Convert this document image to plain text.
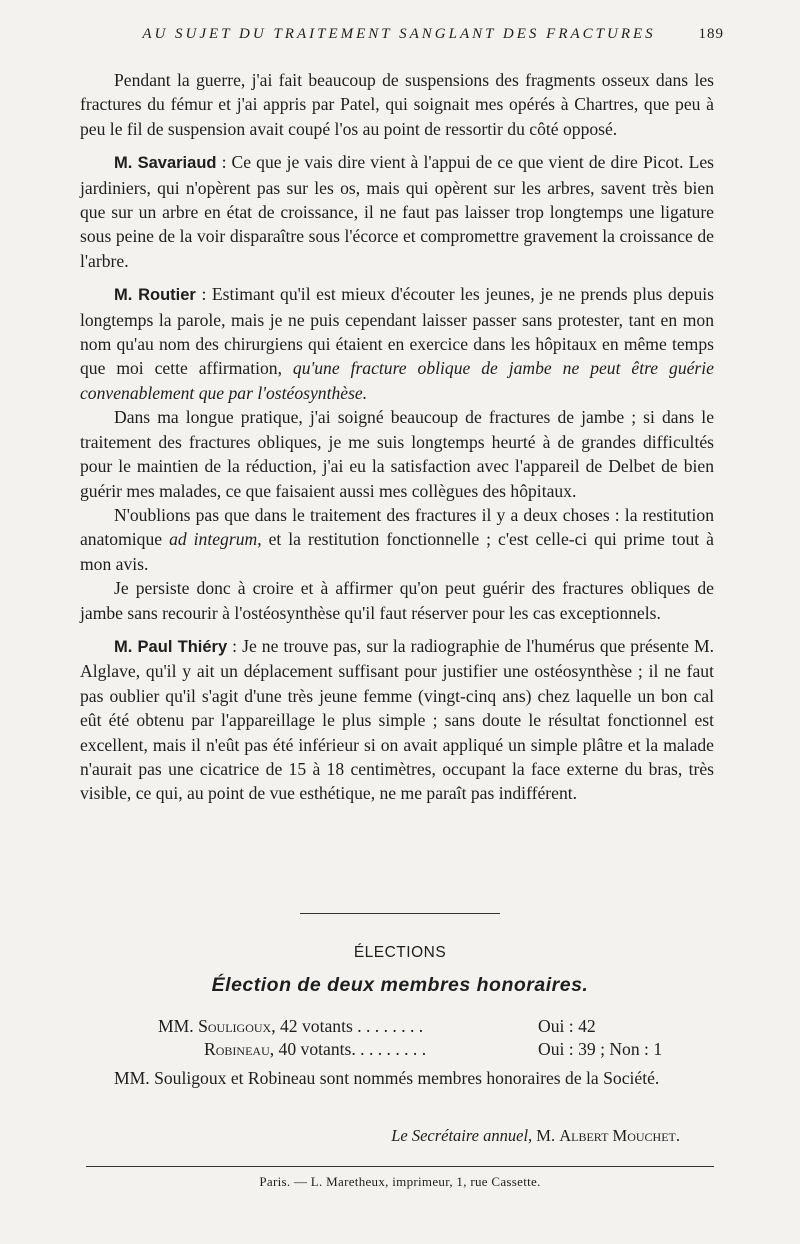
AU SUJET DU TRAITEMENT SANGLANT DES FRACTURES	189

Pendant la guerre, j'ai fait beaucoup de suspensions des fragments osseux dans les fractures du fémur et j'ai appris par Patel, qui soignait mes opérés à Chartres, que peu à peu le fil de suspension avait coupé l'os au point de ressortir du côté opposé.

M. Savariaud : Ce que je vais dire vient à l'appui de ce que vient de dire Picot. Les jardiniers, qui n'opèrent pas sur les os, mais qui opèrent sur les arbres, savent très bien que sur un arbre en état de croissance, il ne faut pas laisser trop longtemps une ligature sous peine de la voir disparaître sous l'écorce et compromettre gravement la croissance de l'arbre.

M. Routier : Estimant qu'il est mieux d'écouter les jeunes, je ne prends plus depuis longtemps la parole, mais je ne puis cependant laisser passer sans protester, tant en mon nom qu'au nom des chirurgiens qui étaient en exercice dans les hôpitaux en même temps que moi cette affirmation, qu'une fracture oblique de jambe ne peut être guérie convenablement que par l'ostéosynthèse.

Dans ma longue pratique, j'ai soigné beaucoup de fractures de jambe ; si dans le traitement des fractures obliques, je me suis longtemps heurté à de grandes difficultés pour le maintien de la réduction, j'ai eu la satisfaction avec l'appareil de Delbet de bien guérir mes malades, ce que faisaient aussi mes collègues des hôpitaux.

N'oublions pas que dans le traitement des fractures il y a deux choses : la restitution anatomique ad integrum, et la restitution fonctionnelle ; c'est celle-ci qui prime tout à mon avis.

Je persiste donc à croire et à affirmer qu'on peut guérir des fractures obliques de jambe sans recourir à l'ostéosynthèse qu'il faut réserver pour les cas exceptionnels.

M. Paul Thiéry : Je ne trouve pas, sur la radiographie de l'humérus que présente M. Alglave, qu'il y ait un déplacement suffisant pour justifier une ostéosynthèse ; il ne faut pas oublier qu'il s'agit d'une très jeune femme (vingt-cinq ans) chez laquelle un bon cal eût été obtenu par l'appareillage le plus simple ; sans doute le résultat fonctionnel est excellent, mais il n'eût pas été inférieur si on avait appliqué un simple plâtre et la malade n'aurait pas une cicatrice de 15 à 18 centimètres, occupant la face externe du bras, très visible, ce qui, au point de vue esthétique, ne me paraît pas indifférent.

ÉLECTIONS
Élection de deux membres honoraires.
MM. Souligoux, 42 votants . . . . . . . .	Oui : 42
Robineau, 40 votants. . . . . . . . .	Oui : 39 ; Non : 1

MM. Souligoux et Robineau sont nommés membres honoraires de la Société.

Le Secrétaire annuel, M. Albert Mouchet.
Paris. — L. Maretheux, imprimeur, 1, rue Cassette.
